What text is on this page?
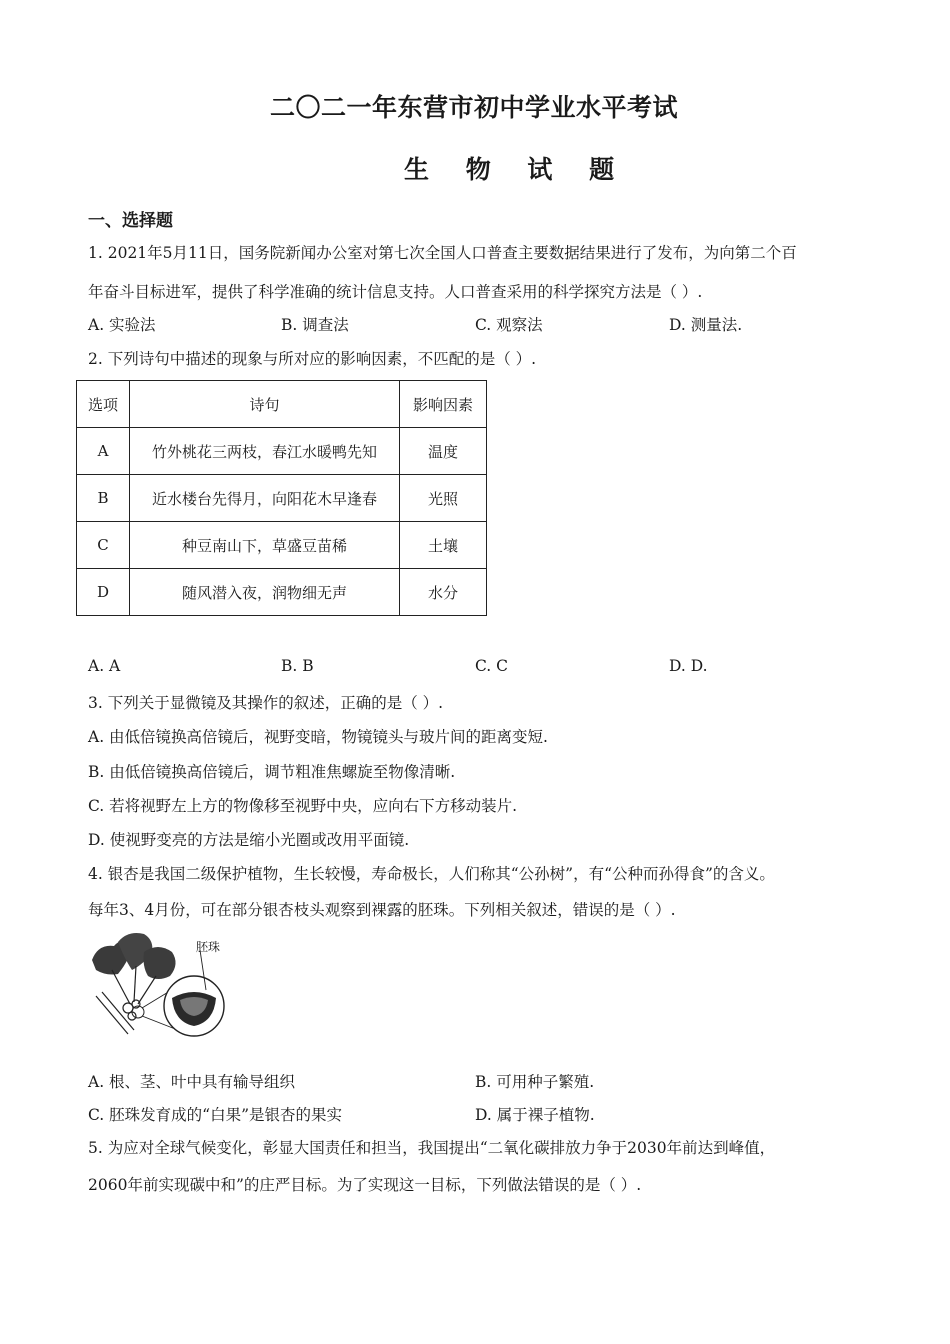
二〇二一年东营市初中学业水平考试
生 物 试 题
一、选择题
1. 2021年5月11日，国务院新闻办公室对第七次全国人口普查主要数据结果进行了发布，为向第二个百
年奋斗目标进军，提供了科学准确的统计信息支持。人口普查采用的科学探究方法是（ ）.
A. 实验法	B. 调查法	C. 观察法	D. 测量法.
2. 下列诗句中描述的现象与所对应的影响因素，不匹配的是（ ）.
选项	诗句	影响因素
A	竹外桃花三两枝，春江水暖鸭先知	温度
B	近水楼台先得月，向阳花木早逢春	光照
C	种豆南山下，草盛豆苗稀	土壤
D	随风潜入夜，润物细无声	水分
A. A	B. B	C. C	D. D.
3. 下列关于显微镜及其操作的叙述，正确的是（ ）.
A. 由低倍镜换高倍镜后，视野变暗，物镜镜头与玻片间的距离变短.
B. 由低倍镜换高倍镜后，调节粗准焦螺旋至物像清晰.
C. 若将视野左上方的物像移至视野中央，应向右下方移动装片.
D. 使视野变亮的方法是缩小光圈或改用平面镜.
4. 银杏是我国二级保护植物，生长较慢，寿命极长，人们称其“公孙树”，有“公种而孙得食”的含义。
每年3、4月份，可在部分银杏枝头观察到裸露的胚珠。下列相关叙述，错误的是（ ）.
胚珠
A. 根、茎、叶中具有输导组织	B. 可用种子繁殖.
C. 胚珠发育成的“白果”是银杏的果实	D. 属于裸子植物.
5. 为应对全球气候变化，彰显大国责任和担当，我国提出“二氧化碳排放力争于2030年前达到峰值，
2060年前实现碳中和”的庄严目标。为了实现这一目标，下列做法错误的是（ ）.
